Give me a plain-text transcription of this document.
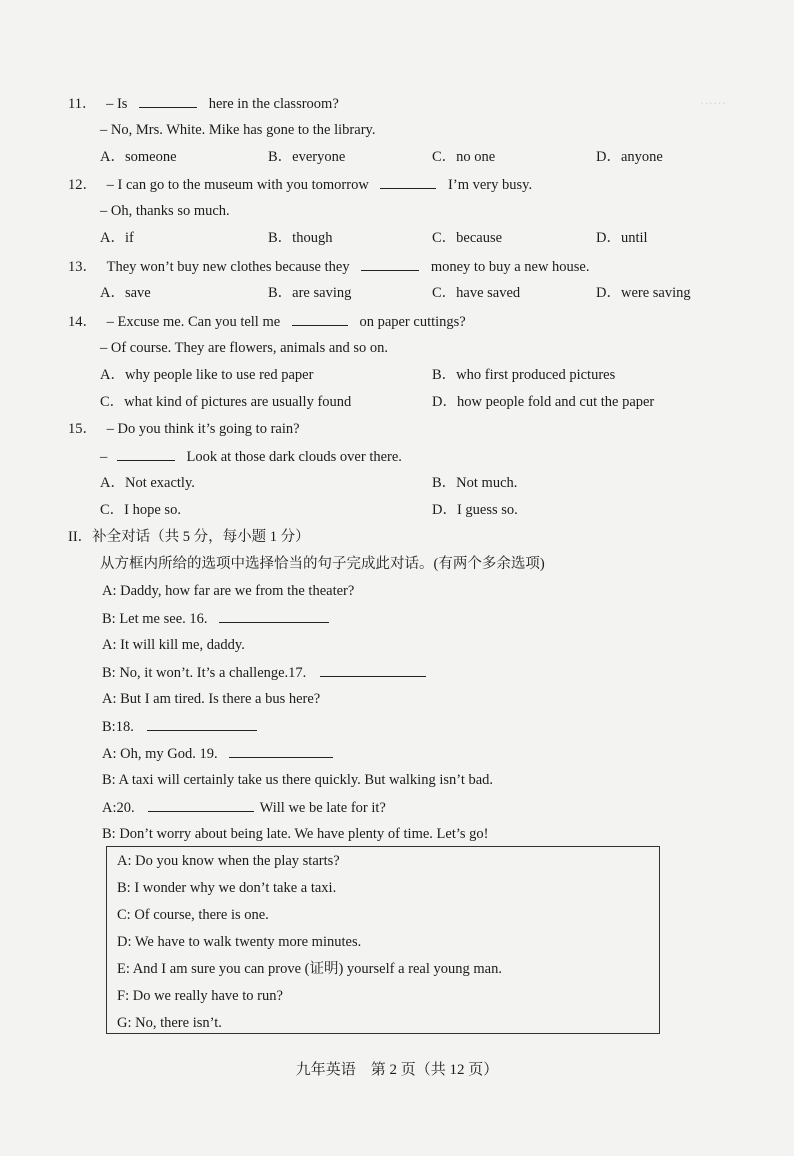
……
11． – Is	here in the classroom?
– No, Mrs. White. Mike has gone to the library.
A．someone	B．everyone	C．no one	D．anyone
12． – I can go to the museum with you tomorrow	I’m very busy.
– Oh, thanks so much.
A．if	B．though	C．because	D．until
13． They won’t buy new clothes because they	money to buy a new house.
A．save	B．are saving	C．have saved	D．were saving
14． – Excuse me. Can you tell me	on paper cuttings?
– Of course. They are flowers, animals and so on.
A．why people like to use red paper	B．who first produced pictures
C．what kind of pictures are usually found	D．how people fold and cut the paper
15． – Do you think it’s going to rain?
–	Look at those dark clouds over there.
A．Not exactly.	B．Not much.
C．I hope so.	D．I guess so.
II．补全对话（共 5 分，每小题 1 分）
从方框内所给的选项中选择恰当的句子完成此对话。(有两个多余选项)
A: Daddy, how far are we from the theater?
B: Let me see. 16.
A: It will kill me, daddy.
B: No, it won’t. It’s a challenge.17.
A: But I am tired. Is there a bus here?
B:18.
A: Oh, my God. 19.
B: A taxi will certainly take us there quickly. But walking isn’t bad.
A:20.	Will we be late for it?
B: Don’t worry about being late. We have plenty of time. Let’s go!
A: Do you know when the play starts?
B: I wonder why we don’t take a taxi.
C: Of course, there is one.
D: We have to walk twenty more minutes.
E: And I am sure you can prove (证明) yourself a real young man.
F: Do we really have to run?
G: No, there isn’t.
九年英语　第 2 页（共 12 页）
